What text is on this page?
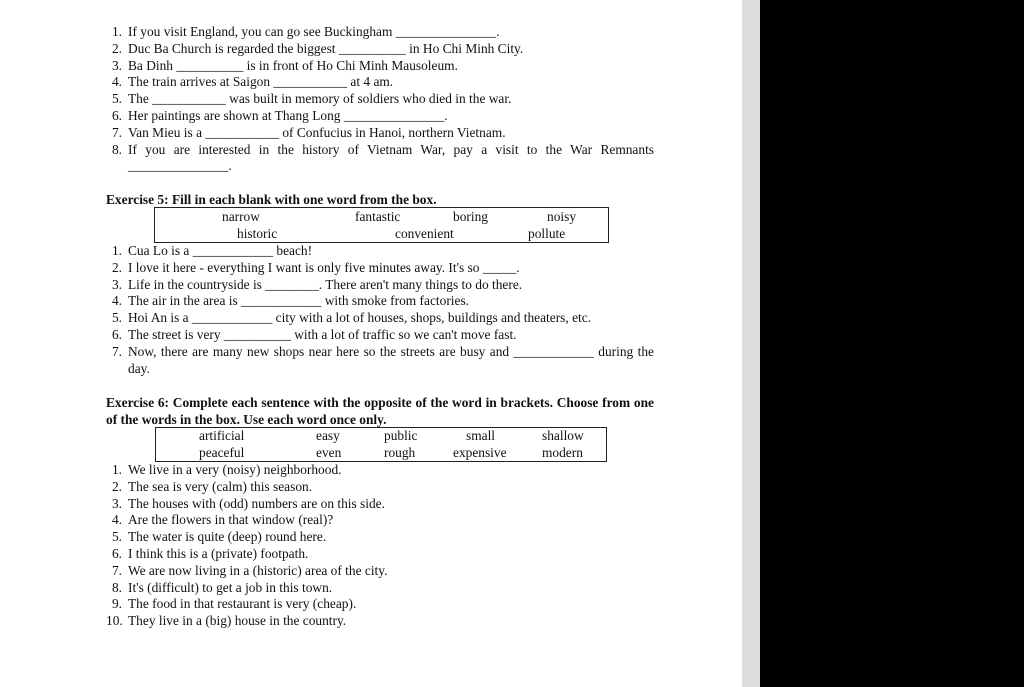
1. If you visit England, you can go see Buckingham _______________.
2. Duc Ba Church is regarded the biggest __________ in Ho Chi Minh City.
3. Ba Dinh __________ is in front of Ho Chi Minh Mausoleum.
4. The train arrives at Saigon ___________ at 4 am.
5. The ___________ was built in memory of soldiers who died in the war.
6. Her paintings are shown at Thang Long _______________.
7. Van Mieu is a ___________ of Confucius in Hanoi, northern Vietnam.
8. If you are interested in the history of Vietnam War, pay a visit to the War Remnants _______________.
Exercise 5: Fill in each blank with one word from the box.
narrow	fantastic	boring	noisy
historic	convenient	pollute
1. Cua Lo is a ____________ beach!
2. I love it here - everything I want is only five minutes away. It's so _____.
3. Life in the countryside is ________. There aren't many things to do there.
4. The air in the area is ____________ with smoke from factories.
5. Hoi An is a ____________ city with a lot of houses, shops, buildings and theaters, etc.
6. The street is very __________ with a lot of traffic so we can't move fast.
7. Now, there are many new shops near here so the streets are busy and ____________ during the day.
Exercise 6: Complete each sentence with the opposite of the word in brackets. Choose from one of the words in the box. Use each word once only.
artificial	easy	public	small	shallow
peaceful	even	rough	expensive	modern
1. We live in a very (noisy) neighborhood.
2. The sea is very (calm) this season.
3. The houses with (odd) numbers are on this side.
4. Are the flowers in that window (real)?
5. The water is quite (deep) round here.
6. I think this is a (private) footpath.
7. We are now living in a (historic) area of the city.
8. It's (difficult) to get a job in this town.
9. The food in that restaurant is very (cheap).
10. They live in a (big) house in the country.
